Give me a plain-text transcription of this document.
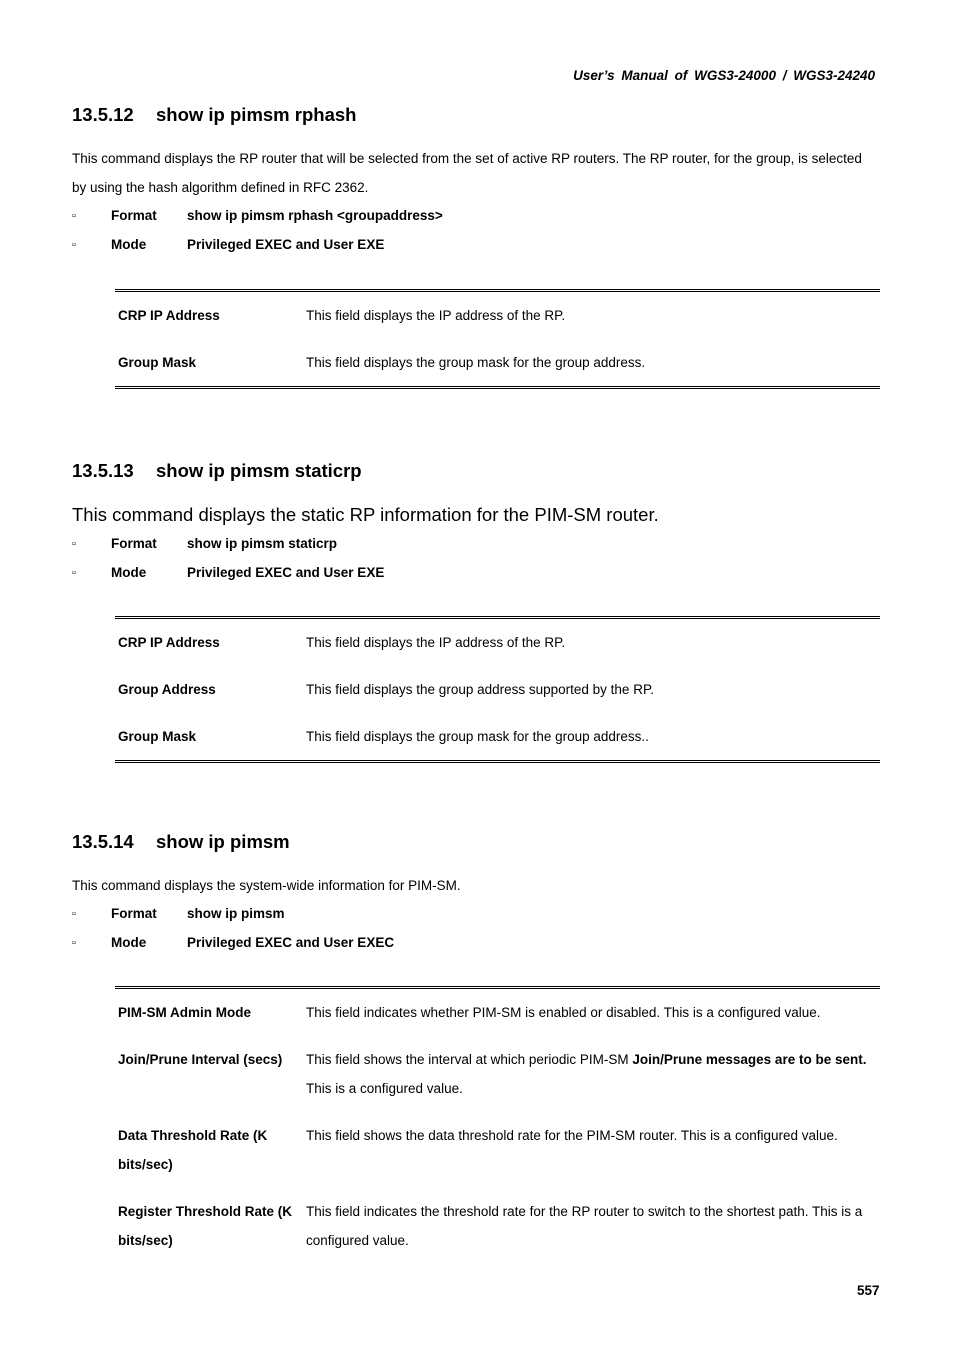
User’s Manual of WGS3-24000 / WGS3-24240
13.5.12 show ip pimsm rphash

This command displays the RP router that will be selected from the set of active RP routers. The RP router, for the group, is selected by using the hash algorithm defined in RFC 2362.

▫	Format	show ip pimsm rphash <groupaddress>
▫	Mode	Privileged EXEC and User EXE
CRP IP Address	This field displays the IP address of the RP.
Group Mask	This field displays the group mask for the group address.
13.5.13 show ip pimsm staticrp

This command displays the static RP information for the PIM-SM router.

▫	Format	show ip pimsm staticrp
▫	Mode	Privileged EXEC and User EXE
CRP IP Address	This field displays the IP address of the RP.
Group Address	This field displays the group address supported by the RP.
Group Mask	This field displays the group mask for the group address..
13.5.14 show ip pimsm

This command displays the system-wide information for PIM-SM.

▫	Format	show ip pimsm
▫	Mode	Privileged EXEC and User EXEC
PIM-SM Admin Mode	This field indicates whether PIM-SM is enabled or disabled. This is a configured value.
Join/Prune Interval (secs)	This field shows the interval at which periodic PIM-SM Join/Prune messages are to be sent. This is a configured value.
Data Threshold Rate (K bits/sec)	This field shows the data threshold rate for the PIM-SM router. This is a configured value.
Register Threshold Rate (K bits/sec)	This field indicates the threshold rate for the RP router to switch to the shortest path. This is a configured value.
557
